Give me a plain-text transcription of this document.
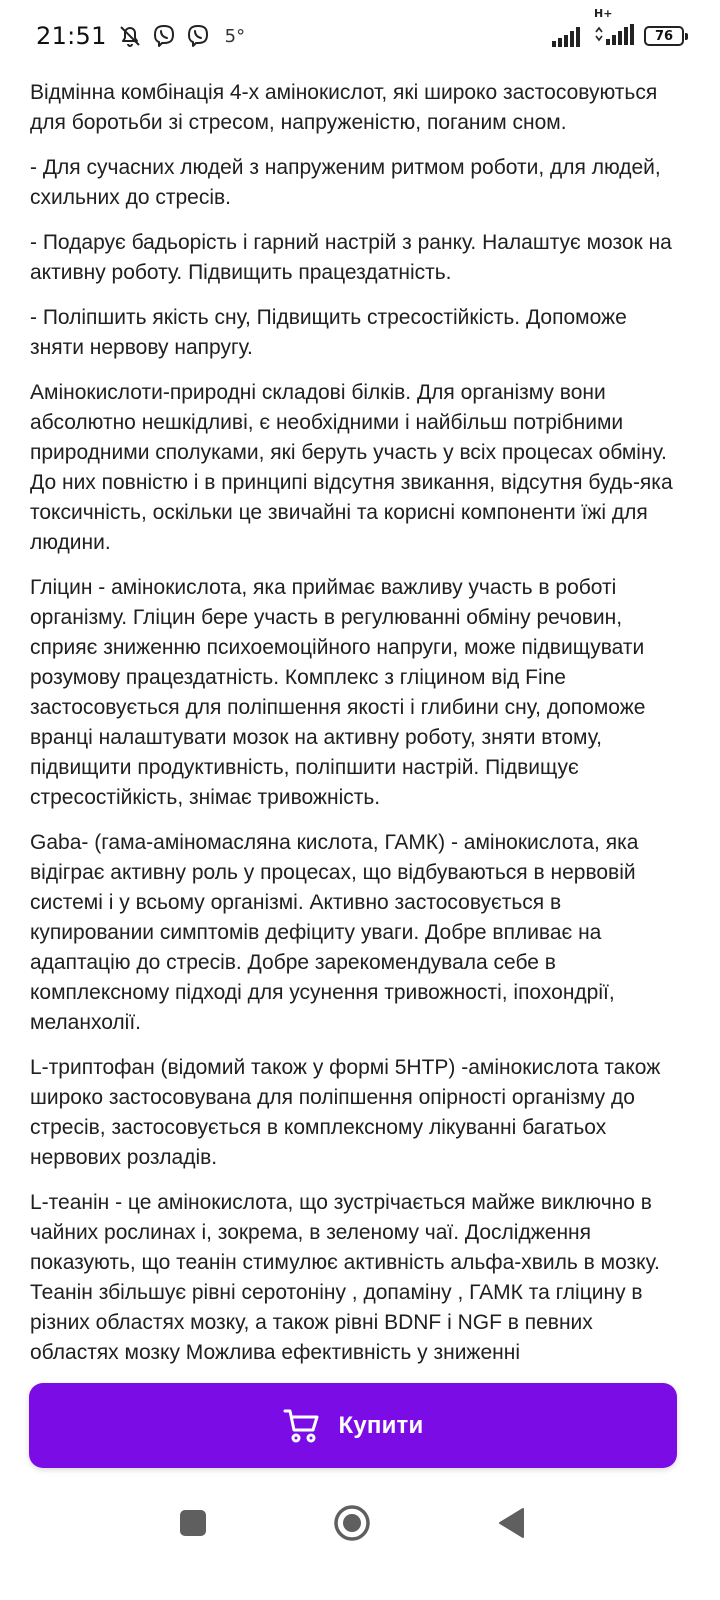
21:51	5°
H+
76

Відмінна комбінація 4-х амінокислот, які широко застосовуються для боротьби зі стресом, напруженістю, поганим сном.

- Для сучасних людей з напруженим ритмом роботи, для людей, схильних до стресів.

- Подарує бадьорість і гарний настрій з ранку. Налаштує мозок на активну роботу. Підвищить працездатність.

- Поліпшить якість сну, Підвищить стресостійкість. Допоможе зняти нервову напругу.

Амінокислоти-природні складові білків. Для організму вони абсолютно нешкідливі, є необхідними і найбільш потрібними природними сполуками, які беруть участь у всіх процесах обміну. До них повністю і в принципі відсутня звикання, відсутня будь-яка токсичність, оскільки це звичайні та корисні компоненти їжі для людини.

Гліцин - амінокислота, яка приймає важливу участь в роботі організму. Гліцин бере участь в регулюванні обміну речовин, сприяє зниженню психоемоційного напруги, може підвищувати розумову працездатність. Комплекс з гліцином від Fine застосовується для поліпшення якості і глибини сну, допоможе вранці налаштувати мозок на активну роботу, зняти втому, підвищити продуктивність, поліпшити настрій. Підвищує стресостійкість, знімає тривожність.

Gaba- (гама-аміномасляна кислота, ГАМК) - амінокислота, яка відіграє активну роль у процесах, що відбуваються в нервовій системі і у всьому організмі. Активно застосовується в купировании симптомів дефіциту уваги. Добре впливає на адаптацію до стресів. Добре зарекомендувала себе в комплексному підході для усунення тривожності, іпохондрії, меланхолії.

L-триптофан (відомий також у формі 5HTP) -амінокислота також широко застосовувана для поліпшення опірності організму до стресів, застосовується в комплексному лікуванні багатьох нервових розладів.

L-теанін - це амінокислота, що зустрічається майже виключно в чайних рослинах і, зокрема, в зеленому чаї. Дослідження показують, що теанін стимулює активність альфа-хвиль в мозку. Теанін збільшує рівні серотоніну , допаміну , ГАМК та гліцину в різних областях мозку, а також рівні BDNF і NGF в певних областях мозку Можлива ефективність у зниженні

Купити
